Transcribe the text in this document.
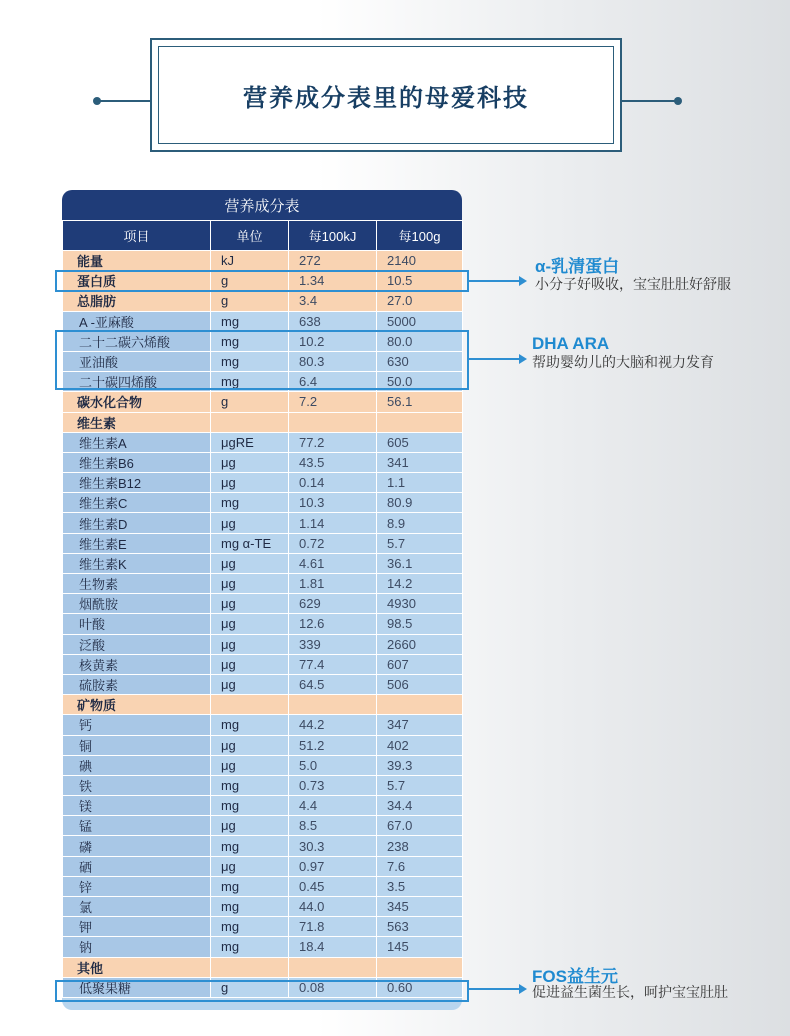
营养成分表里的母爱科技
营养成分表
项目	单位	每100kJ	每100g
能量	kJ	272	2140
蛋白质	g	1.34	10.5
总脂肪	g	3.4	27.0
A -亚麻酸	mg	638	5000
二十二碳六烯酸	mg	10.2	80.0
亚油酸	mg	80.3	630
二十碳四烯酸	mg	6.4	50.0
碳水化合物	g	7.2	56.1
维生素			
维生素A	μgRE	77.2	605
维生素B6	μg	43.5	341
维生素B12	μg	0.14	1.1
维生素C	mg	10.3	80.9
维生素D	μg	1.14	8.9
维生素E	mg α-TE	0.72	5.7
维生素K	μg	4.61	36.1
生物素	μg	1.81	14.2
烟酰胺	μg	629	4930
叶酸	μg	12.6	98.5
泛酸	μg	339	2660
核黄素	μg	77.4	607
硫胺素	μg	64.5	506
矿物质			
钙	mg	44.2	347
铜	μg	51.2	402
碘	μg	5.0	39.3
铁	mg	0.73	5.7
镁	mg	4.4	34.4
锰	μg	8.5	67.0
磷	mg	30.3	238
硒	μg	0.97	7.6
锌	mg	0.45	3.5
氯	mg	44.0	345
钾	mg	71.8	563
钠	mg	18.4	145
其他			
低聚果糖	g	0.08	0.60
α-乳清蛋白
小分子好吸收，宝宝肚肚好舒服
DHA ARA
帮助婴幼儿的大脑和视力发育
FOS益生元
促进益生菌生长，呵护宝宝肚肚
